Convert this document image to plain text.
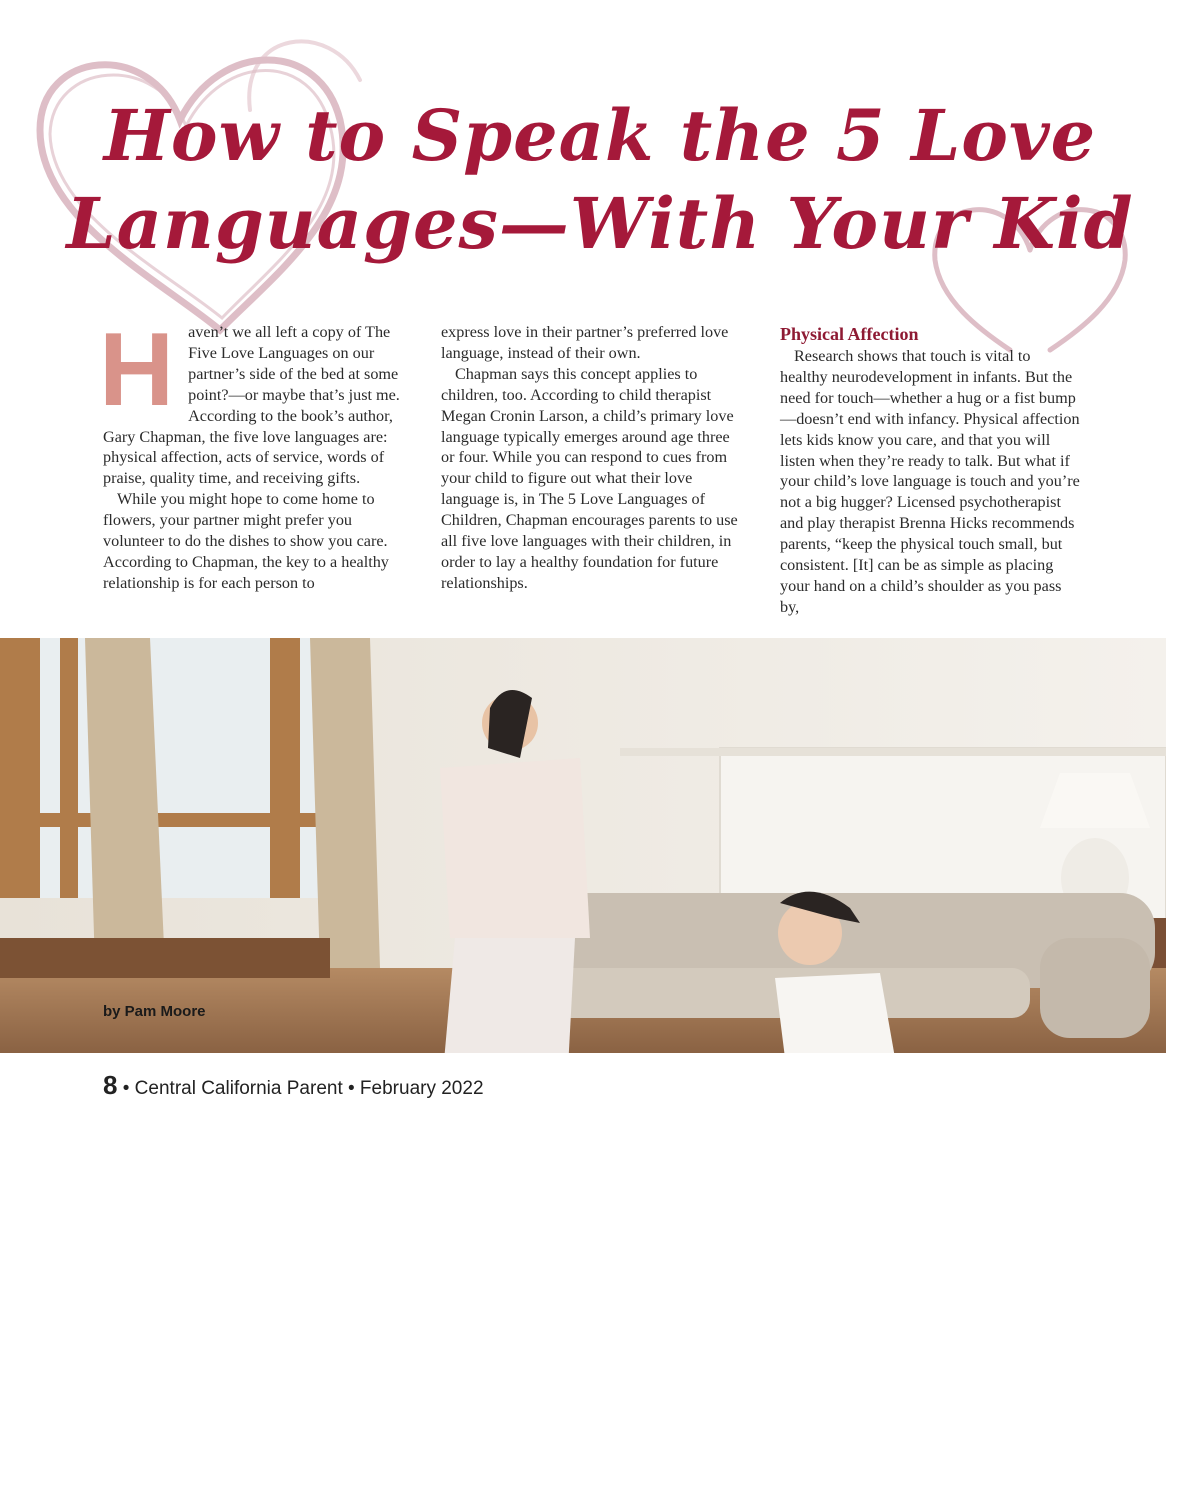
How to Speak the 5 Love
Languages—With Your Kid
H aven’t we all left a copy of The Five Love Languages on our partner’s side of the bed at some point?—or maybe that’s just me. According to the book’s author, Gary Chapman, the five love languages are: physical affection, acts of service, words of praise, quality time, and receiving gifts.

While you might hope to come home to flowers, your partner might prefer you volunteer to do the dishes to show you care. According to Chapman, the key to a healthy relationship is for each person to

express love in their partner’s preferred love language, instead of their own.

Chapman says this concept applies to children, too. According to child therapist Megan Cronin Larson, a child’s primary love language typically emerges around age three or four. While you can respond to cues from your child to figure out what their love language is, in The 5 Love Languages of Children, Chapman encourages parents to use all five love languages with their children, in order to lay a healthy foundation for future relationships.

Physical Affection

Research shows that touch is vital to healthy neurodevelopment in infants. But the need for touch—whether a hug or a fist bump—doesn’t end with infancy. Physical affection lets kids know you care, and that you will listen when they’re ready to talk. But what if your child’s love language is touch and you’re not a big hugger? Licensed psychotherapist and play therapist Brenna Hicks recommends parents, “keep the physical touch small, but consistent. [It] can be as simple as placing your hand on a child’s shoulder as you pass by,

by Pam Moore
8 • Central California Parent • February 2022
